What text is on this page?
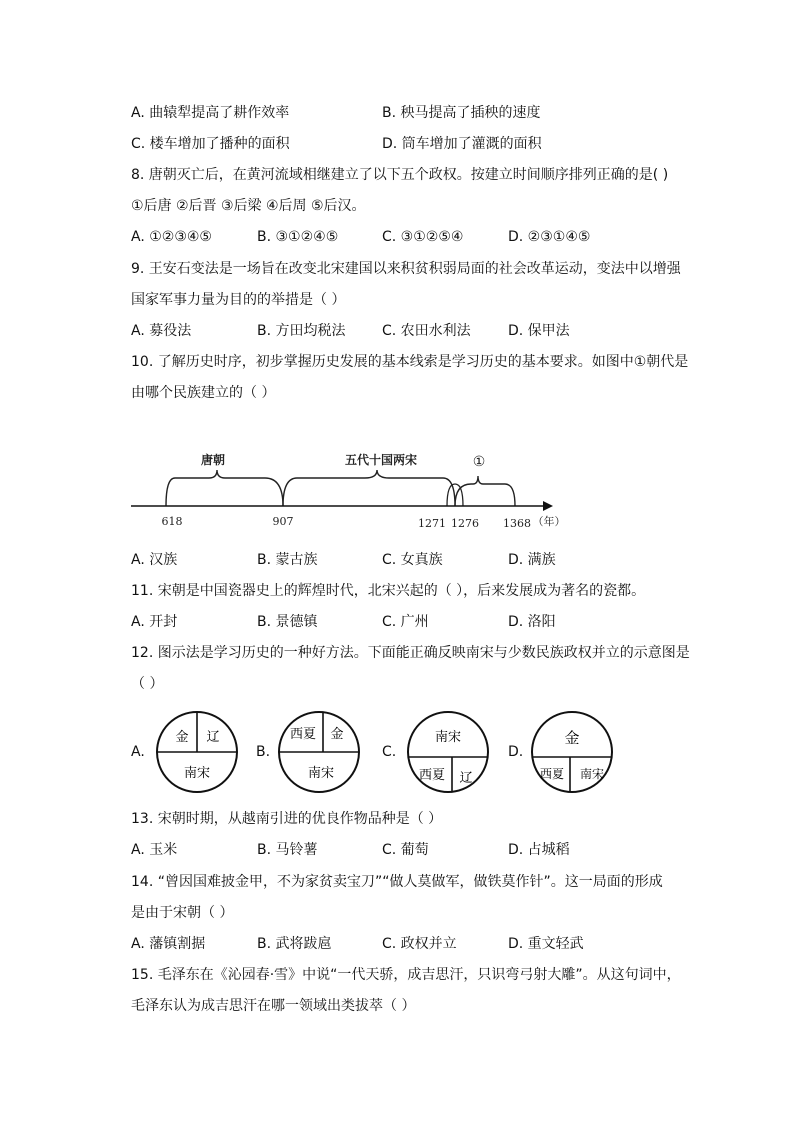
A. 曲辕犁提高了耕作效率	B. 秧马提高了插秧的速度
C. 楼车增加了播种的面积	D. 筒车增加了灌溉的面积
8. 唐朝灭亡后，在黄河流域相继建立了以下五个政权。按建立时间顺序排列正确的是( )
①后唐 ②后晋 ③后梁 ④后周 ⑤后汉。
A. ①②③④⑤	B. ③①②④⑤	C. ③①②⑤④	D. ②③①④⑤
9. 王安石变法是一场旨在改变北宋建国以来积贫积弱局面的社会改革运动，变法中以增强
国家军事力量为目的的举措是（ ）
A. 募役法	B. 方田均税法	C. 农田水利法	D. 保甲法
10. 了解历史时序，初步掌握历史发展的基本线索是学习历史的基本要求。如图中①朝代是
由哪个民族建立的（ ）
唐朝	五代十国两宋	①
618	907	1271 1276 1368 （年）
A. 汉族	B. 蒙古族	C. 女真族	D. 满族
11. 宋朝是中国瓷器史上的辉煌时代，北宋兴起的（ ），后来发展成为著名的瓷都。
A. 开封	B. 景德镇	C. 广州	D. 洛阳
12. 图示法是学习历史的一种好方法。下面能正确反映南宋与少数民族政权并立的示意图是
（ ）
A.
金 辽
南宋
B.
西夏 金
南宋
C.
南宋
西夏 辽
D.
金
西夏 南宋
13. 宋朝时期，从越南引进的优良作物品种是（ ）
A. 玉米	B. 马铃薯	C. 葡萄	D. 占城稻
14. “曾因国难披金甲，不为家贫卖宝刀”“做人莫做军，做铁莫作针”。这一局面的形成
是由于宋朝（ ）
A. 藩镇割据	B. 武将跋扈	C. 政权并立	D. 重文轻武
15. 毛泽东在《沁园春·雪》中说“一代天骄，成吉思汗，只识弯弓射大雕”。从这句词中，
毛泽东认为成吉思汗在哪一领域出类拔萃（ ）
